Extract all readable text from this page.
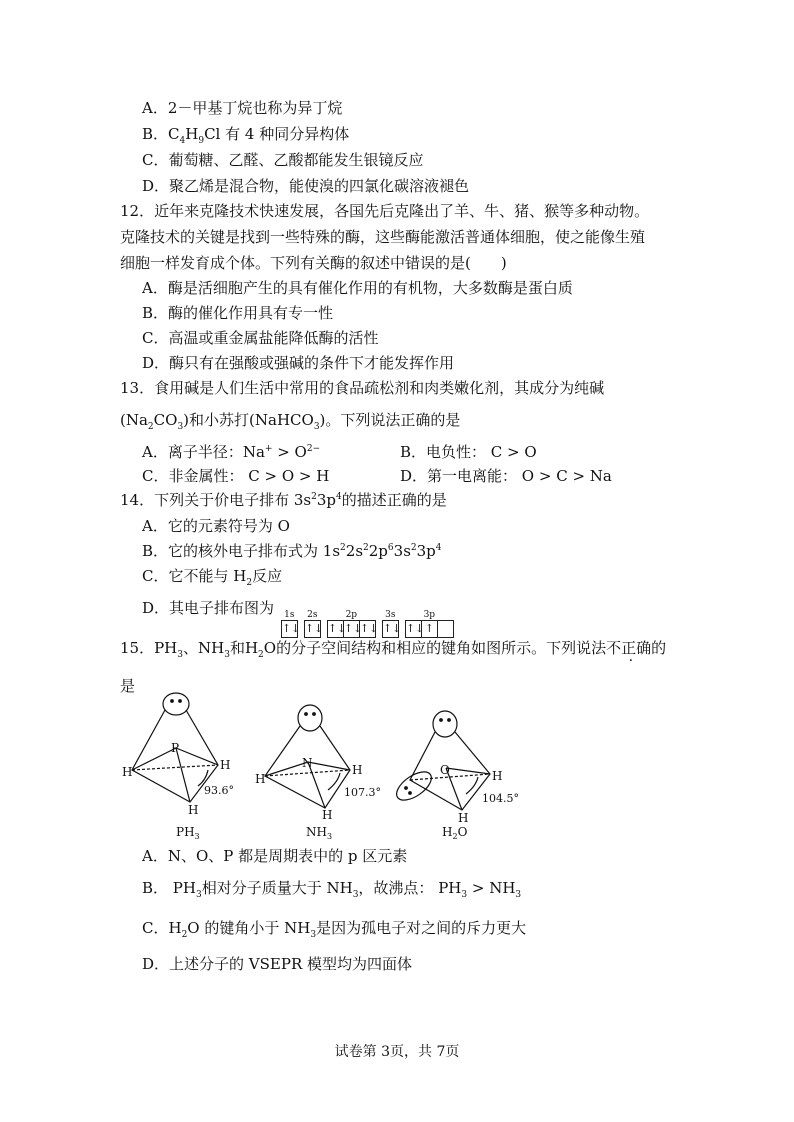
A．2－甲基丁烷也称为异丁烷
B．$C_4H_9Cl$ 有 4 种同分异构体
C．葡萄糖、乙醛、乙酸都能发生银镜反应
D．聚乙烯是混合物，能使溴的四氯化碳溶液褪色
12．近年来克隆技术快速发展，各国先后克隆出了羊、牛、猪、猴等多种动物。
克隆技术的关键是找到一些特殊的酶，这些酶能激活普通体细胞，使之能像生殖
细胞一样发育成个体。下列有关酶的叙述中错误的是(　　)
A．酶是活细胞产生的具有催化作用的有机物，大多数酶是蛋白质
B．酶的催化作用具有专一性
C．高温或重金属盐能降低酶的活性
D．酶只有在强酸或强碱的条件下才能发挥作用
13．食用碱是人们生活中常用的食品疏松剂和肉类嫩化剂，其成分为纯碱
$(Na_2CO_3)$和小苏打(NaHCO$_3$)。下列说法正确的是
A．离子半径：$Na^+ > O^{2-}$	B．电负性： C > O
C．非金属性： C > O > H	D．第一电离能： O > C > Na
14．下列关于价电子排布 $3s^23p^4$的描述正确的是
A．它的元素符号为 O
B．它的核外电子排布式为 $1s^22s^22p^63s^23p^4$
C．它不能与 $H_2$反应
D．其电子排布图为 1s
↑↓
2s
↑↓
2p
↑↓
↑↓
↑↓
3s
↑↓
3p
↑↓ ↑
15．$PH_3$、$NH_3$和$H_2O$的分子空间结构和相应的键角如图所示。下列说法不正确的
是
P
H	H
H
93.6°
N
H
H
H
107.3°
O	H
H
104.5°
$PH_3$	$NH_3$	$H_2O$
A．N、O、P 都是周期表中的 p 区元素
B． $PH_3$相对分子质量大于 $NH_3$，故沸点： $PH_3 > NH_3$
C．$H_2O$ 的键角小于 $NH_3$是因为孤电子对之间的斥力更大
D．上述分子的 VSEPR 模型均为四面体
试卷第 3页，共 7页
